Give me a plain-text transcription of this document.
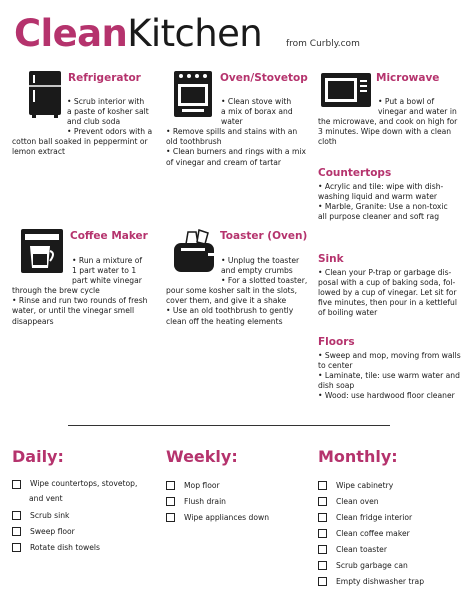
CleanKitchen	from Curbly.com
Refrigerator

• Scrub interior with

a paste of kosher salt

and club soda

• Prevent odors with a

cotton ball soaked in peppermint or

lemon extract

Oven/Stovetop

• Clean stove with

a mix of borax and

water

• Remove spills and stains with an

old toothbrush

• Clean burners and rings with a mix

of vinegar and cream of tartar

Microwave

• Put a bowl of

vinegar and water in

the microwave, and cook on high for

3 minutes. Wipe down with a clean

cloth

Countertops

• Acrylic and tile: wipe with dish-

washing liquid and warm water

• Marble, Granite: Use a non-toxic

all purpose cleaner and soft rag

Coffee Maker

• Run a mixture of

1 part water to 1

part white vinegar

through the brew cycle

• Rinse and run two rounds of fresh

water, or until the vinegar smell

disappears

Toaster (Oven)

• Unplug the toaster

and empty crumbs

• For a slotted toaster,

pour some kosher salt in the slots,

cover them, and give it a shake

• Use an old toothbrush to gently

clean off the heating elements

Sink

• Clean your P-trap or garbage dis-

posal with a cup of baking soda, fol-

lowed by a cup of vinegar. Let sit for

five minutes, then pour in a kettleful

of boiling water

Floors

• Sweep and mop, moving from walls

to center

• Laminate, tile: use warm water and

dish soap

• Wood: use hardwood floor cleaner

Daily:
Wipe countertops, stovetop,
and vent
Scrub sink
Sweep floor
Rotate dish towels
Weekly:
Mop floor
Flush drain
Wipe appliances down
Monthly:
Wipe cabinetry
Clean oven
Clean fridge interior
Clean coffee maker
Clean toaster
Scrub garbage can
Empty dishwasher trap
